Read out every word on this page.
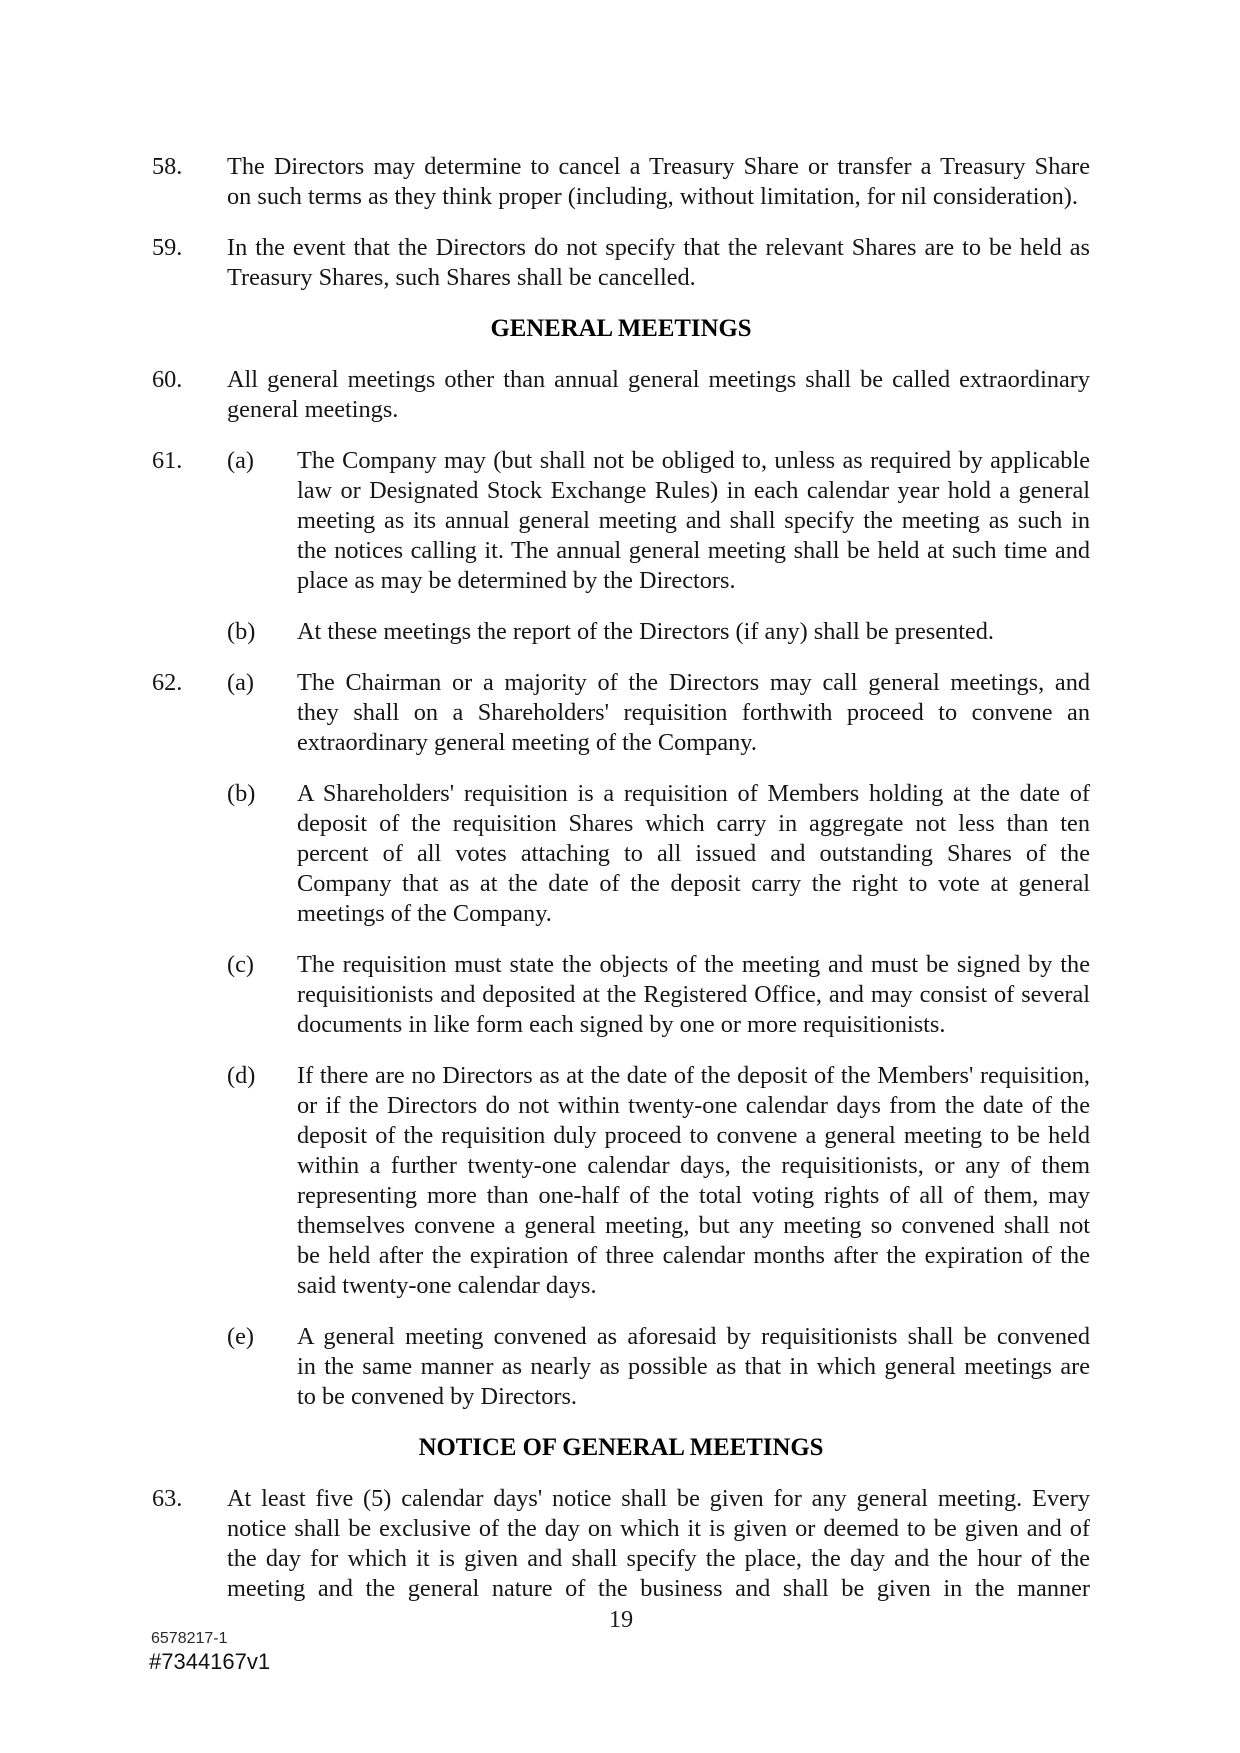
58. The Directors may determine to cancel a Treasury Share or transfer a Treasury Share
on such terms as they think proper (including, without limitation, for nil consideration).
59. In the event that the Directors do not specify that the relevant Shares are to be held as
Treasury Shares, such Shares shall be cancelled.
GENERAL MEETINGS
60. All general meetings other than annual general meetings shall be called extraordinary
general meetings.
61. (a) The Company may (but shall not be obliged to, unless as required by applicable
law or Designated Stock Exchange Rules) in each calendar year hold a general
meeting as its annual general meeting and shall specify the meeting as such in
the notices calling it. The annual general meeting shall be held at such time and
place as may be determined by the Directors.
(b) At these meetings the report of the Directors (if any) shall be presented.
62. (a) The Chairman or a majority of the Directors may call general meetings, and
they shall on a Shareholders' requisition forthwith proceed to convene an
extraordinary general meeting of the Company.
(b) A Shareholders' requisition is a requisition of Members holding at the date of
deposit of the requisition Shares which carry in aggregate not less than ten
percent of all votes attaching to all issued and outstanding Shares of the
Company that as at the date of the deposit carry the right to vote at general
meetings of the Company.
(c) The requisition must state the objects of the meeting and must be signed by the
requisitionists and deposited at the Registered Office, and may consist of several
documents in like form each signed by one or more requisitionists.
(d) If there are no Directors as at the date of the deposit of the Members' requisition,
or if the Directors do not within twenty-one calendar days from the date of the
deposit of the requisition duly proceed to convene a general meeting to be held
within a further twenty-one calendar days, the requisitionists, or any of them
representing more than one-half of the total voting rights of all of them, may
themselves convene a general meeting, but any meeting so convened shall not
be held after the expiration of three calendar months after the expiration of the
said twenty-one calendar days.
(e) A general meeting convened as aforesaid by requisitionists shall be convened
in the same manner as nearly as possible as that in which general meetings are
to be convened by Directors.
NOTICE OF GENERAL MEETINGS
63. At least five (5) calendar days' notice shall be given for any general meeting. Every
notice shall be exclusive of the day on which it is given or deemed to be given and of
the day for which it is given and shall specify the place, the day and the hour of the
meeting and the general nature of the business and shall be given in the manner
19
6578217-1
#7344167v1
